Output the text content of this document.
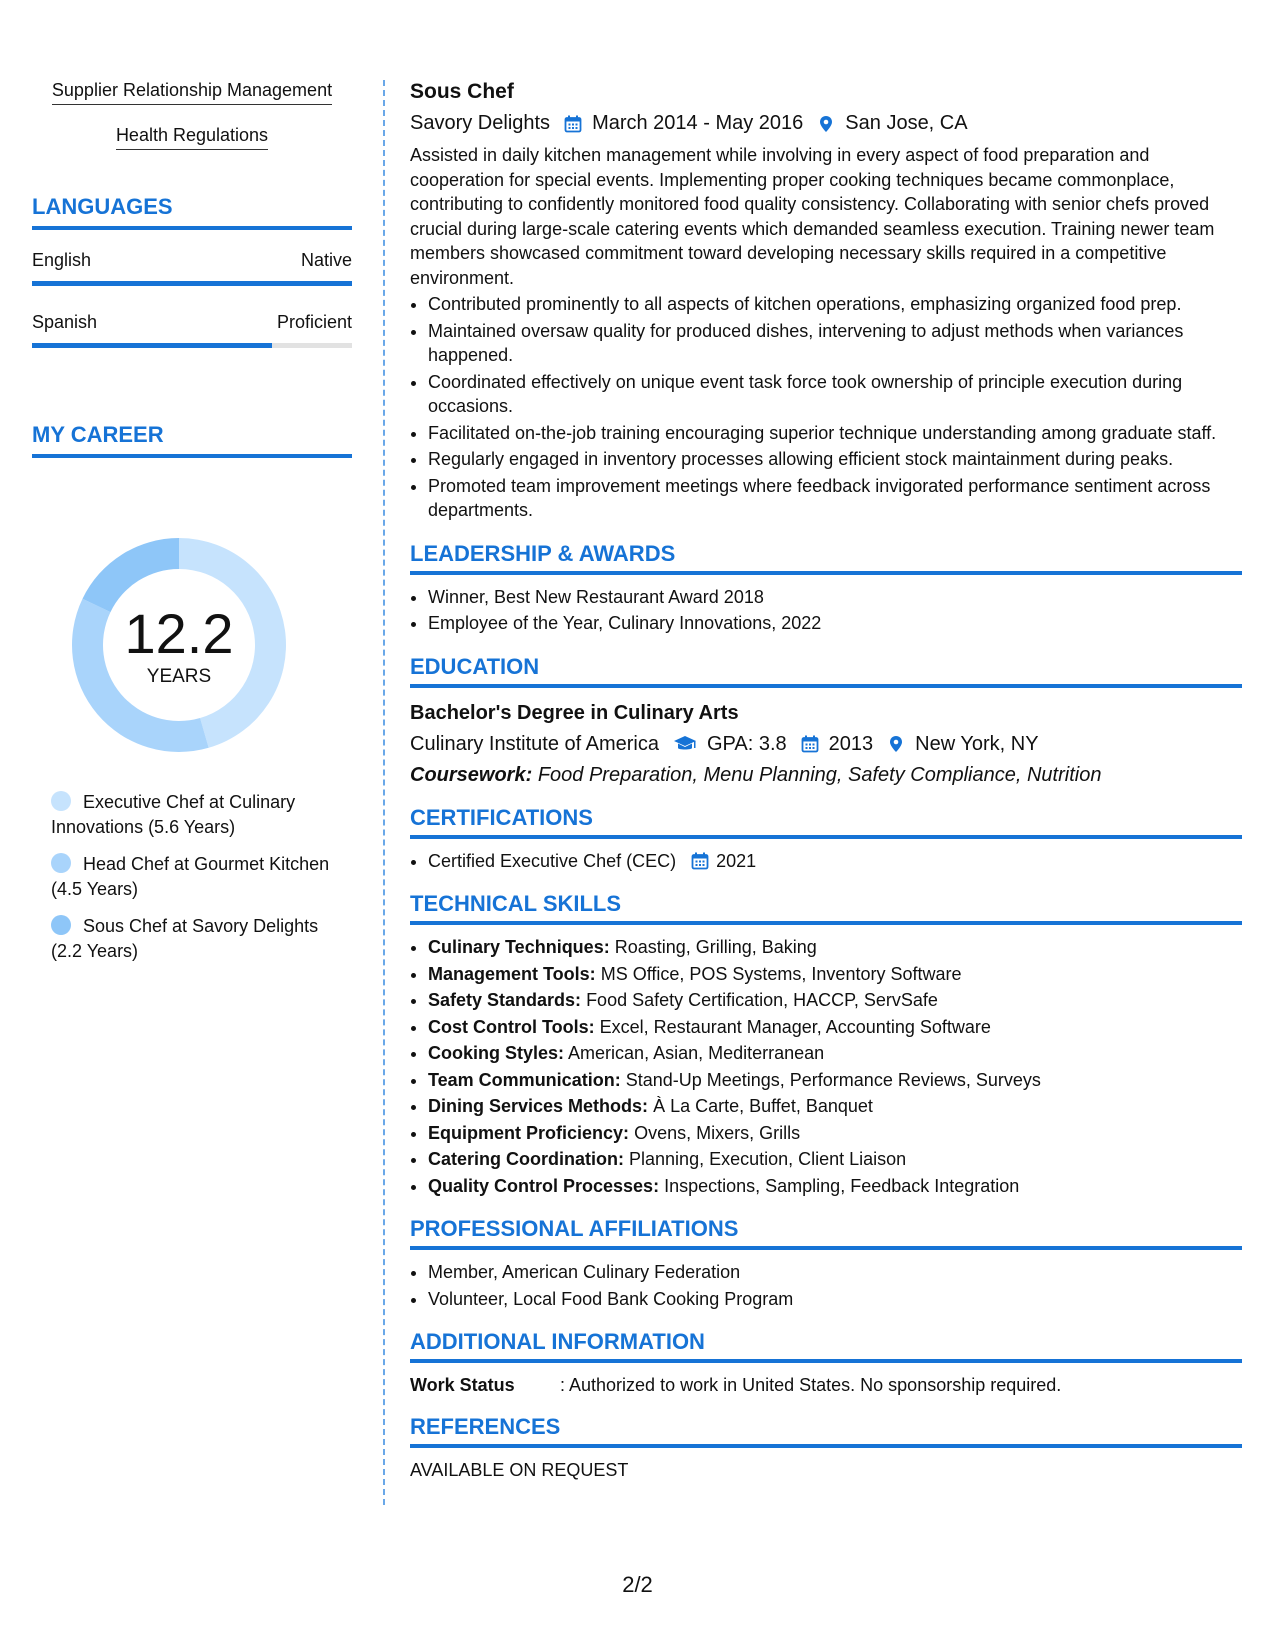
Supplier Relationship Management
Health Regulations
LANGUAGES
English	Native
Spanish	Proficient
MY CAREER
12.2
YEARS
Executive Chef at Culinary Innovations (5.6 Years)
Head Chef at Gourmet Kitchen (4.5 Years)
Sous Chef at Savory Delights (2.2 Years)
Sous Chef
Savory Delights March 2014 - May 2016 San Jose, CA
Assisted in daily kitchen management while involving in every aspect of food preparation and cooperation for special events. Implementing proper cooking techniques became commonplace, contributing to confidently monitored food quality consistency. Collaborating with senior chefs proved crucial during large-scale catering events which demanded seamless execution. Training newer team members showcased commitment toward developing necessary skills required in a competitive environment.
• Contributed prominently to all aspects of kitchen operations, emphasizing organized food prep.
• Maintained oversaw quality for produced dishes, intervening to adjust methods when variances happened.
• Coordinated effectively on unique event task force took ownership of principle execution during occasions.
• Facilitated on-the-job training encouraging superior technique understanding among graduate staff.
• Regularly engaged in inventory processes allowing efficient stock maintainment during peaks.
• Promoted team improvement meetings where feedback invigorated performance sentiment across departments.
LEADERSHIP & AWARDS
• Winner, Best New Restaurant Award 2018
• Employee of the Year, Culinary Innovations, 2022
EDUCATION
Bachelor's Degree in Culinary Arts
Culinary Institute of America GPA: 3.8 2013 New York, NY
Coursework: Food Preparation, Menu Planning, Safety Compliance, Nutrition
CERTIFICATIONS
• Certified Executive Chef (CEC) 2021
TECHNICAL SKILLS
• Culinary Techniques: Roasting, Grilling, Baking
• Management Tools: MS Office, POS Systems, Inventory Software
• Safety Standards: Food Safety Certification, HACCP, ServSafe
• Cost Control Tools: Excel, Restaurant Manager, Accounting Software
• Cooking Styles: American, Asian, Mediterranean
• Team Communication: Stand-Up Meetings, Performance Reviews, Surveys
• Dining Services Methods: À La Carte, Buffet, Banquet
• Equipment Proficiency: Ovens, Mixers, Grills
• Catering Coordination: Planning, Execution, Client Liaison
• Quality Control Processes: Inspections, Sampling, Feedback Integration
PROFESSIONAL AFFILIATIONS
• Member, American Culinary Federation
• Volunteer, Local Food Bank Cooking Program
ADDITIONAL INFORMATION
Work Status	: Authorized to work in United States. No sponsorship required.
REFERENCES
AVAILABLE ON REQUEST
2/2
